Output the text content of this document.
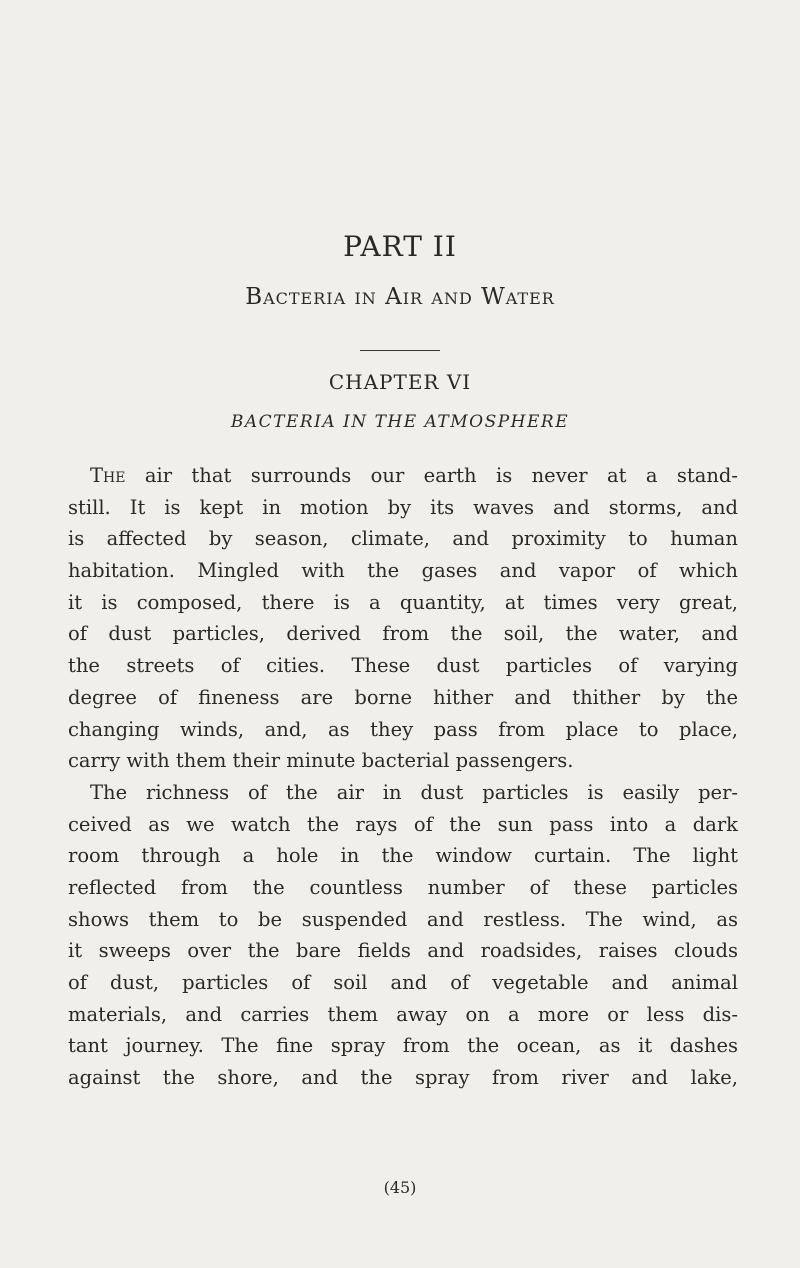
PART II
Bacteria in Air and Water
CHAPTER VI
BACTERIA IN THE ATMOSPHERE
The air that surrounds our earth is never at a stand-
still. It is kept in motion by its waves and storms, and
is affected by season, climate, and proximity to human
habitation. Mingled with the gases and vapor of which
it is composed, there is a quantity, at times very great,
of dust particles, derived from the soil, the water, and
the streets of cities. These dust particles of varying
degree of fineness are borne hither and thither by the
changing winds, and, as they pass from place to place,
carry with them their minute bacterial passengers.
The richness of the air in dust particles is easily per-
ceived as we watch the rays of the sun pass into a dark
room through a hole in the window curtain. The light
reflected from the countless number of these particles
shows them to be suspended and restless. The wind, as
it sweeps over the bare fields and roadsides, raises clouds
of dust, particles of soil and of vegetable and animal
materials, and carries them away on a more or less dis-
tant journey. The fine spray from the ocean, as it dashes
against the shore, and the spray from river and lake,
(45)
